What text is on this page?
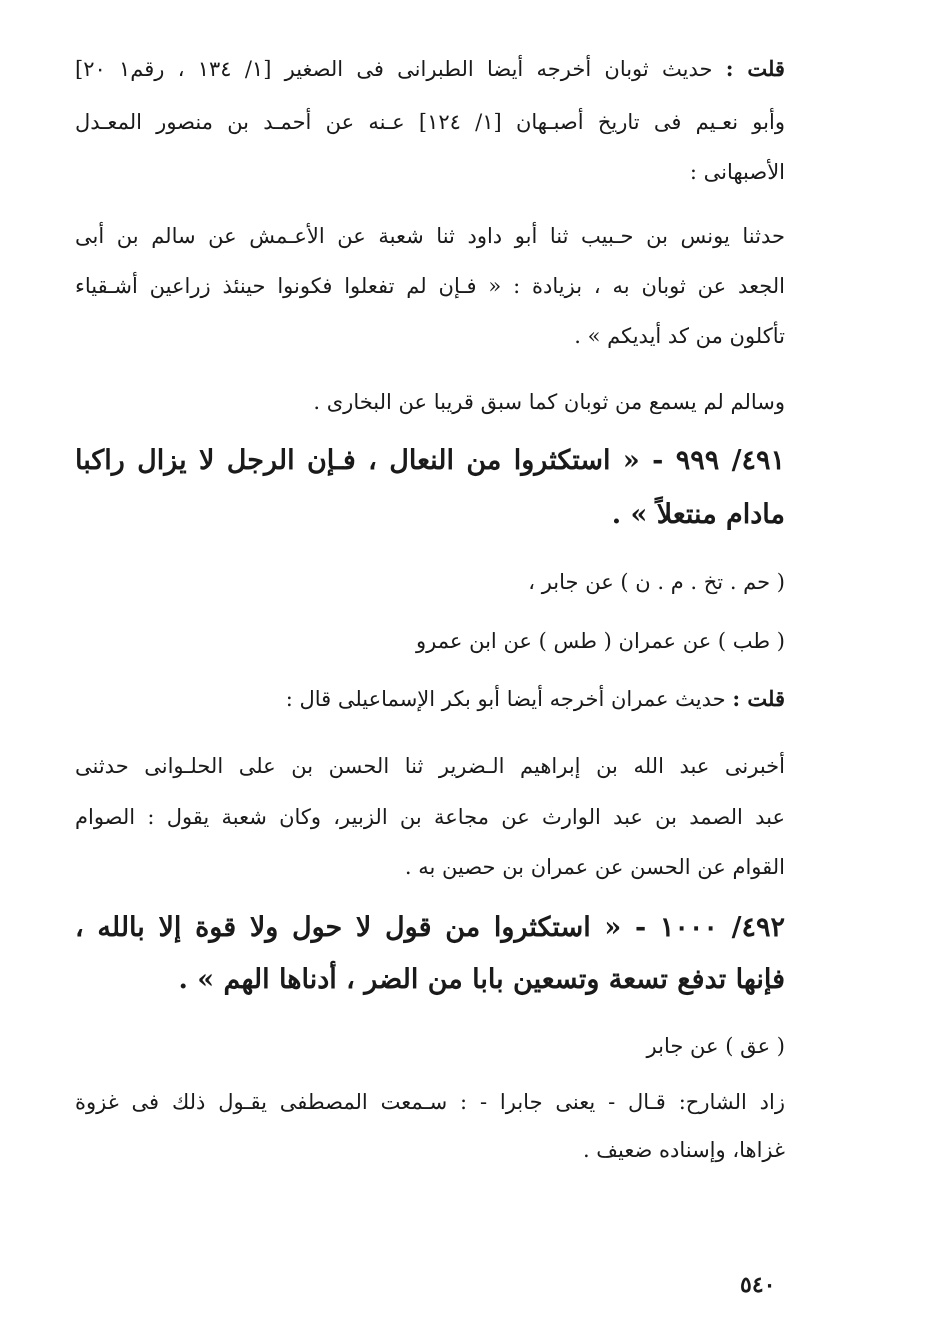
قلت : حديث ثوبان أخرجه أيضا الطبرانى فى الصغير [١/ ١٣٤ ، رقم١ ٢٠]
وأبو نعـيم فى تاريخ أصبـهان [١/ ١٢٤] عـنه عن أحمـد بن منصور المعـدل
الأصبهانى :
حدثنا يونس بن حـبيب ثنا أبو داود ثنا شعبة عن الأعـمش عن سالم بن أبى
الجعد عن ثوبان به ، بزيادة : « فـإن لم تفعلوا فكونوا حينئذ زراعين أشـقياء
تأكلون من كد أيديكم » .
وسالم لم يسمع من ثوبان كما سبق قريبا عن البخارى .
٤٩١/ ٩٩٩ - « استكثروا من النعال ، فـإن الرجل لا يزال راكبا
مادام منتعلاً » .
( حم . تخ . م . ن ) عن جابر ،
( طب ) عن عمران ( طس ) عن ابن عمرو
قلت : حديث عمران أخرجه أيضا أبو بكر الإسماعيلى قال :
أخبرنى عبد الله بن إبراهيم الـضرير ثنا الحسن بن على الحلـوانى حدثنى
عبد الصمد بن عبد الوارث عن مجاعة بن الزبير، وكان شعبة يقول : الصوام
القوام عن الحسن عن عمران بن حصين به .
٤٩٢/ ١٠٠٠ - « استكثروا من قول لا حول ولا قوة إلا بالله ،
فإنها تدفع تسعة وتسعين بابا من الضر ، أدناها الهم » .
( عق ) عن جابر
زاد الشارح: قـال - يعنى جابرا - : سـمعت المصطفى يقـول ذلك فى غزوة
غزاها، وإسناده ضعيف .
٥٤٠
